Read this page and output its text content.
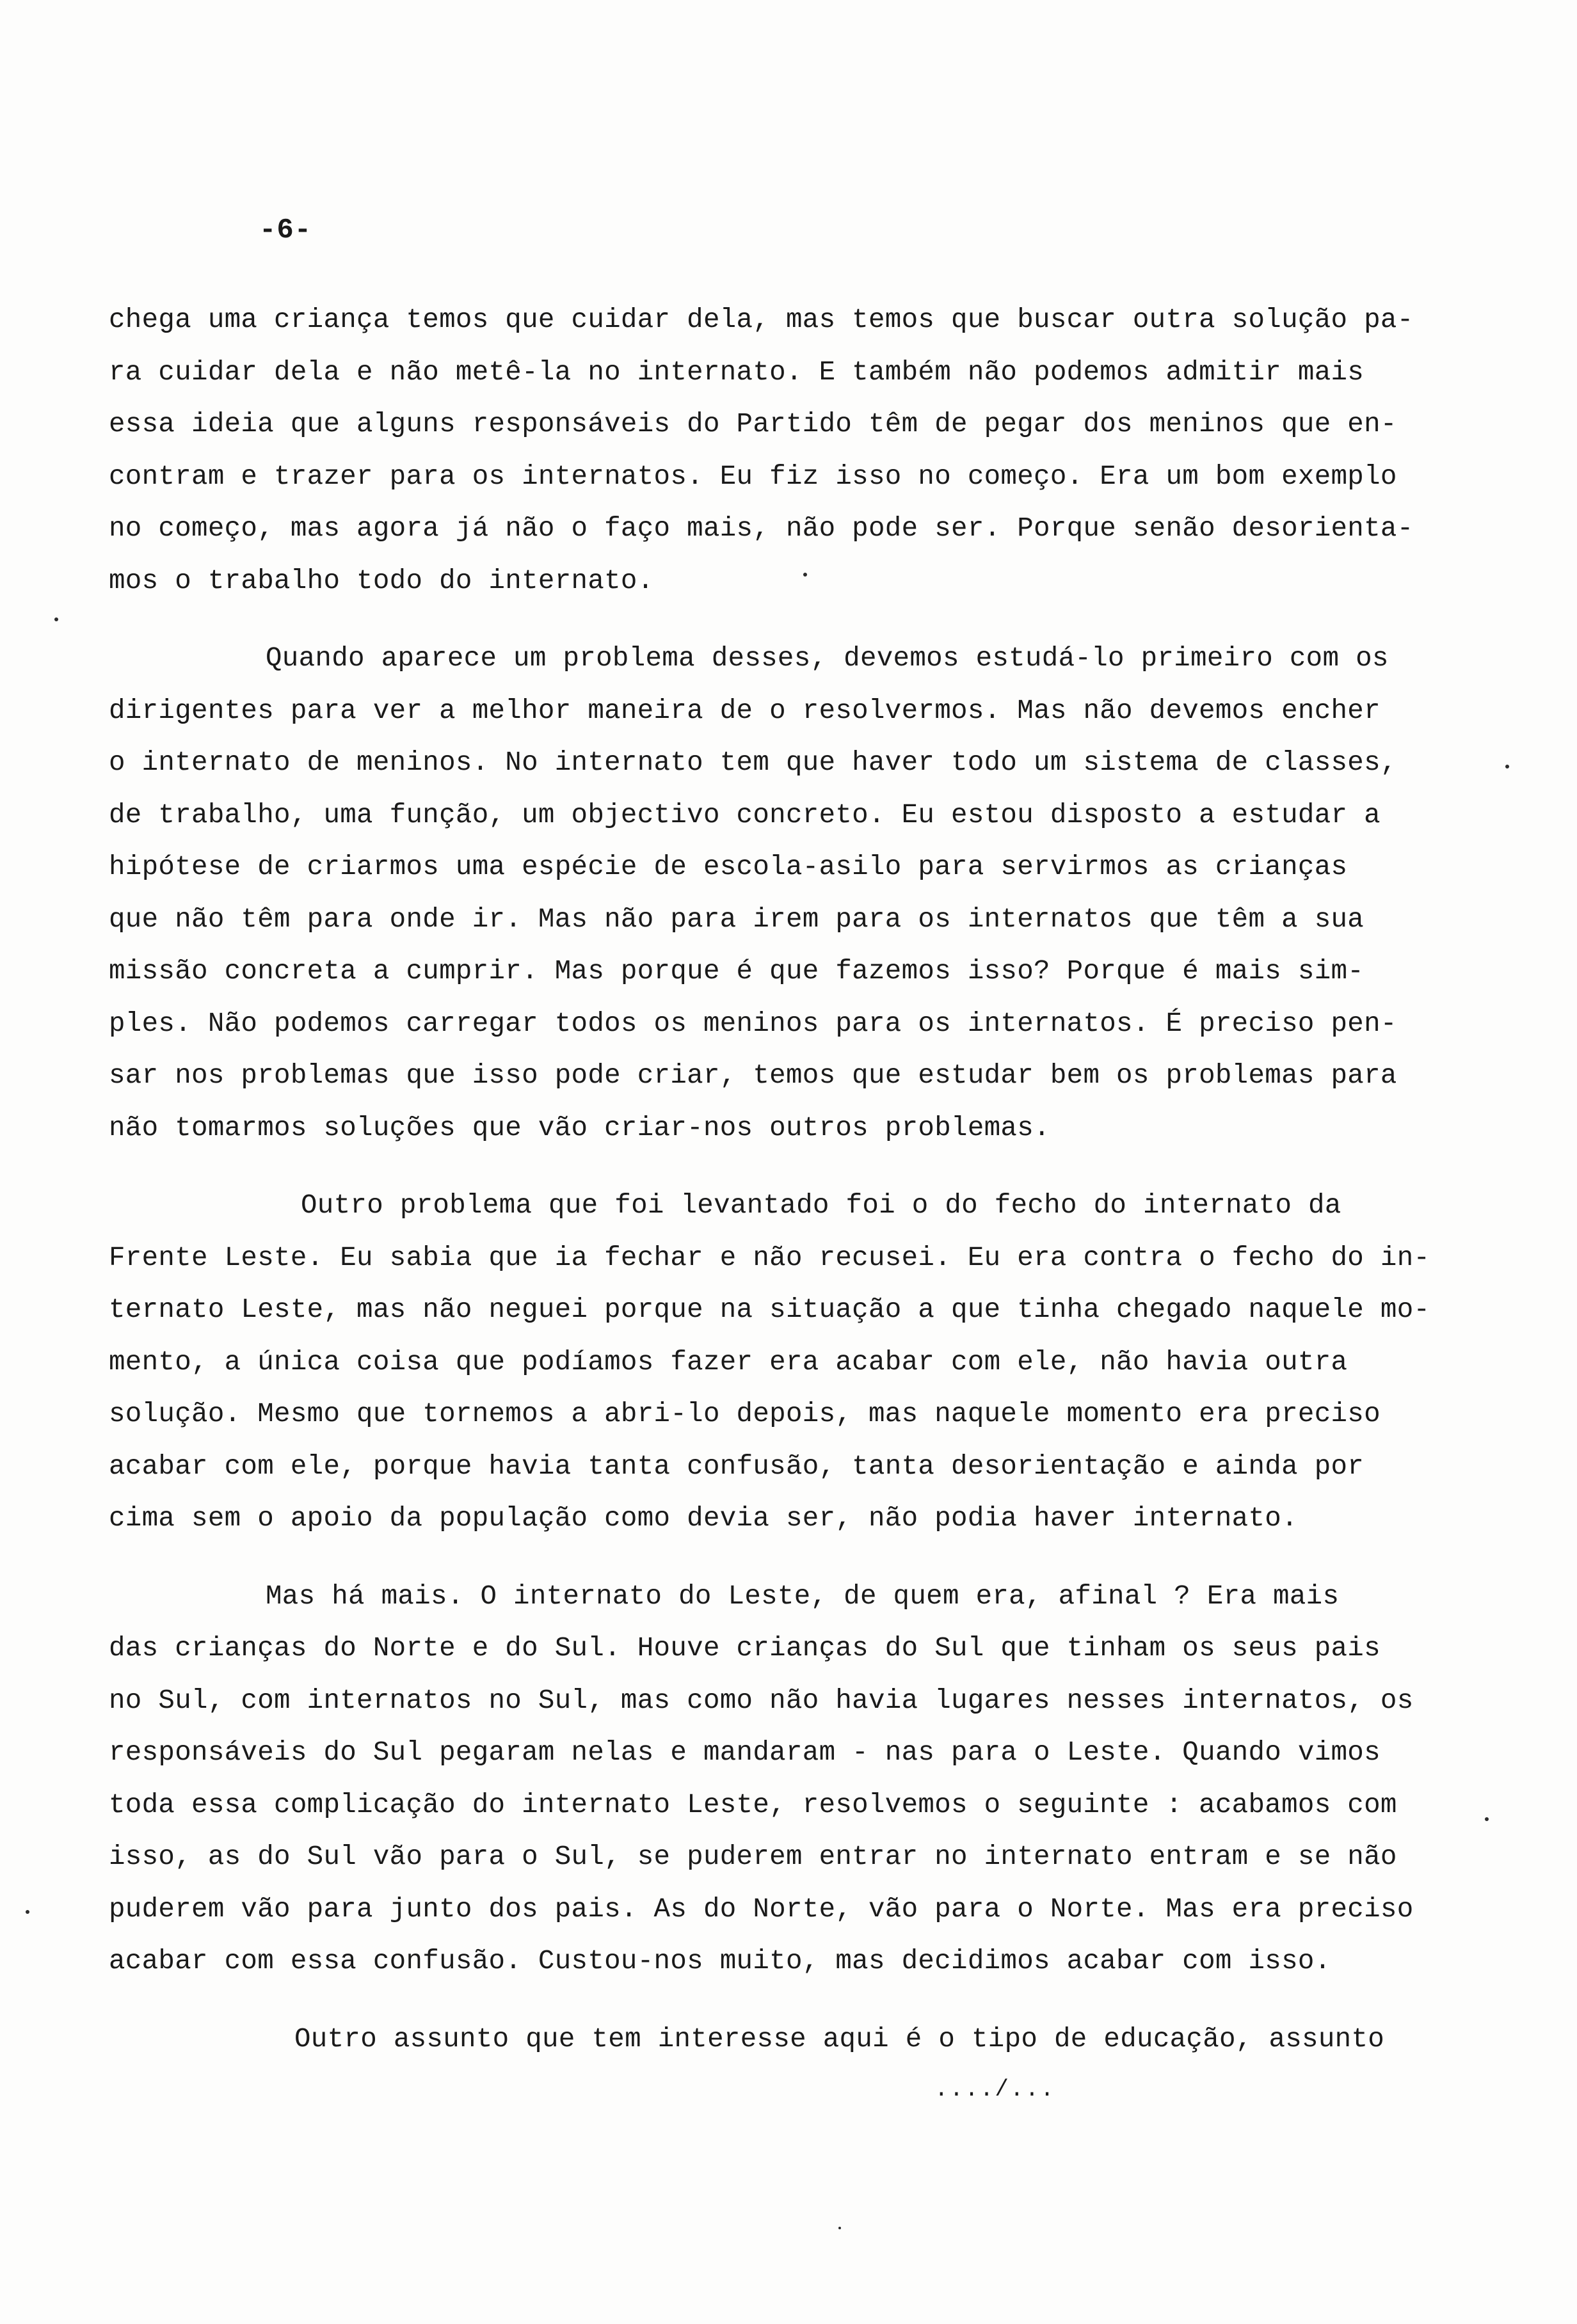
-6-
chega uma criança temos que cuidar dela, mas temos que buscar outra solução pa-
ra cuidar dela e não metê-la no internato. E também não podemos admitir mais
essa ideia que alguns responsáveis do Partido têm de pegar dos meninos que en-
contram e trazer para os internatos. Eu fiz isso no começo. Era um bom exemplo
no começo, mas agora já não o faço mais, não pode ser. Porque senão desorienta-
mos o trabalho todo do internato.
Quando aparece um problema desses, devemos estudá-lo primeiro com os
dirigentes para ver a melhor maneira de o resolvermos. Mas não devemos encher
o internato de meninos. No internato tem que haver todo um sistema de classes,
de trabalho, uma função, um objectivo concreto. Eu estou disposto a estudar a
hipótese de criarmos uma espécie de escola-asilo para servirmos as crianças
que não têm para onde ir. Mas não para irem para os internatos que têm a sua
missão concreta a cumprir. Mas porque é que fazemos isso? Porque é mais sim-
ples. Não podemos carregar todos os meninos para os internatos. É preciso pen-
sar nos problemas que isso pode criar, temos que estudar bem os problemas para
não tomarmos soluções que vão criar-nos outros problemas.
Outro problema que foi levantado foi o do fecho do internato da
Frente Leste. Eu sabia que ia fechar e não recusei. Eu era contra o fecho do in-
ternato Leste, mas não neguei porque na situação a que tinha chegado naquele mo-
mento, a única coisa que podíamos fazer era acabar com ele, não havia outra
solução. Mesmo que tornemos a abri-lo depois, mas naquele momento era preciso
acabar com ele, porque havia tanta confusão, tanta desorientação e ainda por
cima sem o apoio da população como devia ser, não podia haver internato.
Mas há mais. O internato do Leste, de quem era, afinal ? Era mais
das crianças do Norte e do Sul. Houve crianças do Sul que tinham os seus pais
no Sul, com internatos no Sul, mas como não havia lugares nesses internatos, os
responsáveis do Sul pegaram nelas e mandaram - nas para o Leste. Quando vimos
toda essa complicação do internato Leste, resolvemos o seguinte : acabamos com
isso, as do Sul vão para o Sul, se puderem entrar no internato entram e se não
puderem vão para junto dos pais. As do Norte, vão para o Norte. Mas era preciso
acabar com essa confusão. Custou-nos muito, mas decidimos acabar com isso.
Outro assunto que tem interesse aqui é o tipo de educação, assunto
..../...
